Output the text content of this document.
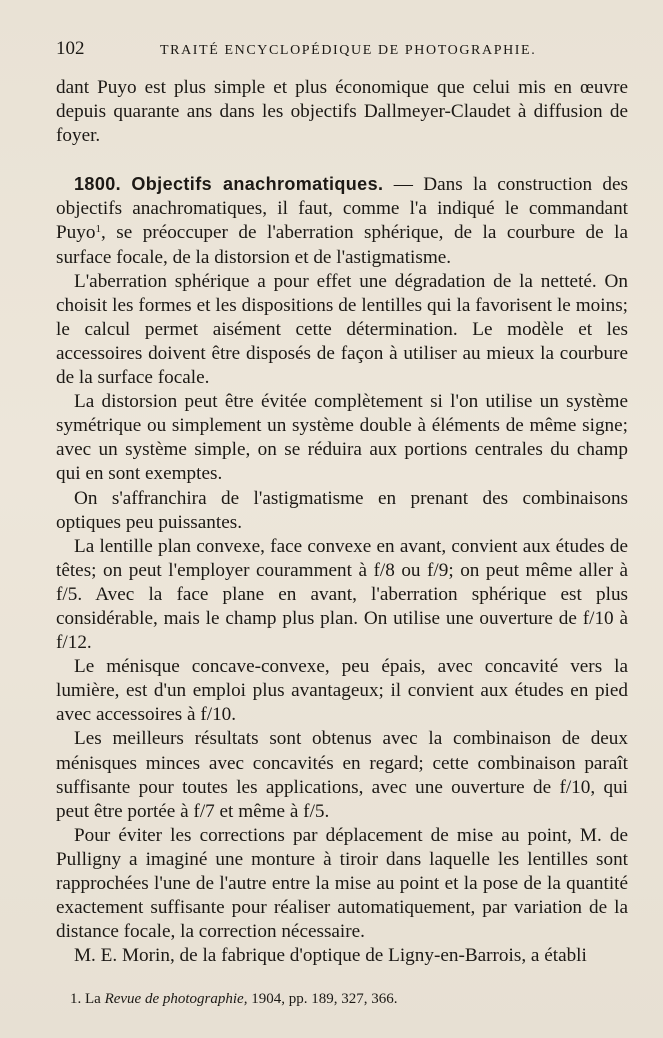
102	TRAITÉ ENCYCLOPÉDIQUE DE PHOTOGRAPHIE.

dant Puyo est plus simple et plus économique que celui mis en œuvre depuis quarante ans dans les objectifs Dallmeyer-Claudet à diffusion de foyer.

1800. Objectifs anachromatiques. — Dans la construction des objectifs anachromatiques, il faut, comme l'a indiqué le commandant Puyo$^1$, se préoccuper de l'aberration sphérique, de la courbure de la surface focale, de la distorsion et de l'astigmatisme.

L'aberration sphérique a pour effet une dégradation de la netteté. On choisit les formes et les dispositions de lentilles qui la favorisent le moins; le calcul permet aisément cette détermination. Le modèle et les accessoires doivent être disposés de façon à utiliser au mieux la courbure de la surface focale.

La distorsion peut être évitée complètement si l'on utilise un système symétrique ou simplement un système double à éléments de même signe; avec un système simple, on se réduira aux portions centrales du champ qui en sont exemptes.

On s'affranchira de l'astigmatisme en prenant des combinaisons optiques peu puissantes.

La lentille plan convexe, face convexe en avant, convient aux études de têtes; on peut l'employer couramment à f/8 ou f/9; on peut même aller à f/5. Avec la face plane en avant, l'aberration sphérique est plus considérable, mais le champ plus plan. On utilise une ouverture de f/10 à f/12.

Le ménisque concave-convexe, peu épais, avec concavité vers la lumière, est d'un emploi plus avantageux; il convient aux études en pied avec accessoires à f/10.

Les meilleurs résultats sont obtenus avec la combinaison de deux ménisques minces avec concavités en regard; cette combinaison paraît suffisante pour toutes les applications, avec une ouverture de f/10, qui peut être portée à f/7 et même à f/5.

Pour éviter les corrections par déplacement de mise au point, M. de Pulligny a imaginé une monture à tiroir dans laquelle les lentilles sont rapprochées l'une de l'autre entre la mise au point et la pose de la quantité exactement suffisante pour réaliser automatiquement, par variation de la distance focale, la correction nécessaire.

M. E. Morin, de la fabrique d'optique de Ligny-en-Barrois, a établi

1. La Revue de photographie, 1904, pp. 189, 327, 366.
